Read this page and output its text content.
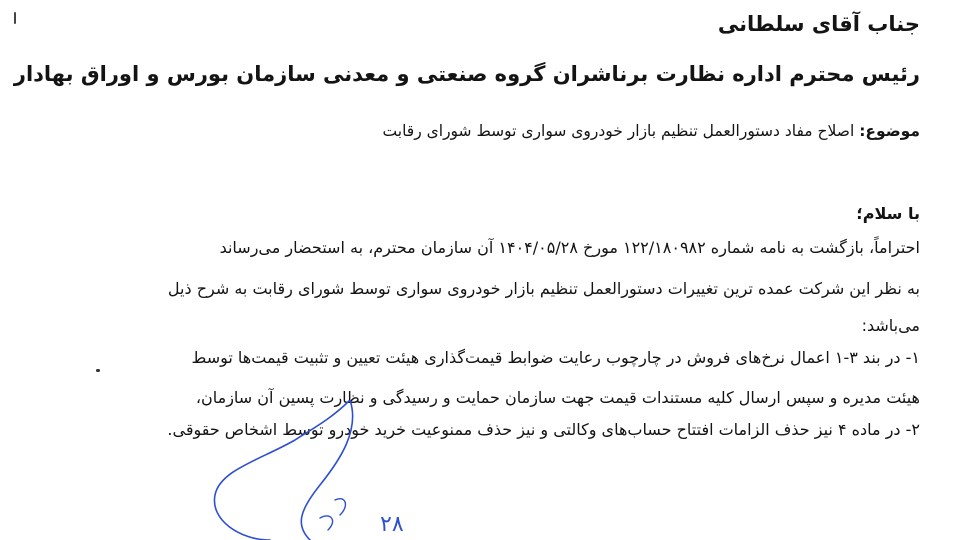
جناب آقای سلطانی

رئیس محترم اداره نظارت برناشران گروه صنعتی و معدنی سازمان بورس و اوراق بهادار

موضوع: اصلاح مفاد دستورالعمل تنظیم بازار خودروی سواری توسط شورای رقابت

با سلام؛

احتراماً، بازگشت به نامه شماره ۱۲۲/۱۸۰۹۸۲ مورخ ۱۴۰۴/۰۵/۲۸ آن سازمان محترم، به استحضار می‌رساند

به نظر این شرکت عمده ترین تغییرات دستورالعمل تنظیم بازار خودروی سواری توسط شورای رقابت به شرح ذیل

می‌باشد:

۱- در بند ۳-۱ اعمال نرخ‌های فروش در چارچوب رعایت ضوابط قیمت‌گذاری هیئت تعیین و تثبیت قیمت‌ها توسط

هیئت مدیره و سپس ارسال کلیه مستندات قیمت جهت سازمان حمایت و رسیدگی و نظارت پسین آن سازمان،

۲- در ماده ۴ نیز حذف الزامات افتتاح حساب‌های وکالتی و نیز حذف ممنوعیت خرید خودرو توسط اشخاص حقوقی.

۲۸
